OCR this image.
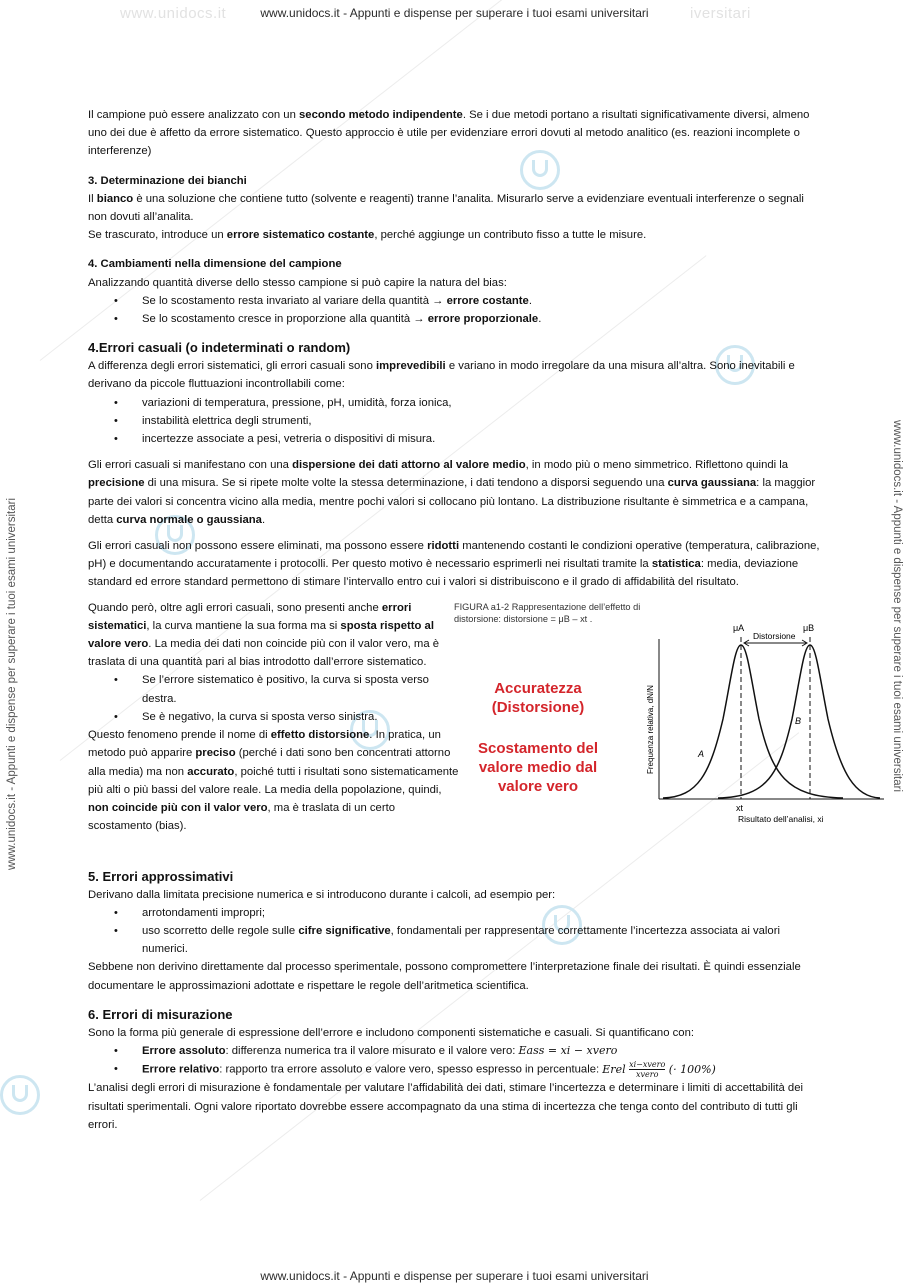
www.unidocs.it	iversitari
www.unidocs.it - Appunti e dispense per superare i tuoi esami universitari
www.unidocs.it - Appunti e dispense per superare i tuoi esami universitari
www.unidocs.it - Appunti e dispense per superare i tuoi esami universitari	www.unidocs.it - Appunti e dispense per superare i tuoi esami universitari

Il campione può essere analizzato con un secondo metodo indipendente. Se i due metodi portano a risultati significativamente diversi, almeno uno dei due è affetto da errore sistematico. Questo approccio è utile per evidenziare errori dovuti al metodo analitico (es. reazioni incomplete o interferenze)

3. Determinazione dei bianchi

Il bianco è una soluzione che contiene tutto (solvente e reagenti) tranne l’analita. Misurarlo serve a evidenziare eventuali interferenze o segnali non dovuti all’analita.

Se trascurato, introduce un errore sistematico costante, perché aggiunge un contributo fisso a tutte le misure.

4. Cambiamenti nella dimensione del campione

Analizzando quantità diverse dello stesso campione si può capire la natura del bias:

• Se lo scostamento resta invariato al variare della quantità → errore costante.
• Se lo scostamento cresce in proporzione alla quantità → errore proporzionale.

4.Errori casuali (o indeterminati o random)

A differenza degli errori sistematici, gli errori casuali sono imprevedibili e variano in modo irregolare da una misura all’altra. Sono inevitabili e derivano da piccole fluttuazioni incontrollabili come:

• variazioni di temperatura, pressione, pH, umidità, forza ionica,
• instabilità elettrica degli strumenti,
• incertezze associate a pesi, vetreria o dispositivi di misura.

Gli errori casuali si manifestano con una dispersione dei dati attorno al valore medio, in modo più o meno simmetrico. Riflettono quindi la precisione di una misura. Se si ripete molte volte la stessa determinazione, i dati tendono a disporsi seguendo una curva gaussiana: la maggior parte dei valori si concentra vicino alla media, mentre pochi valori si collocano più lontano. La distribuzione risultante è simmetrica e a campana, detta curva normale o gaussiana.

Gli errori casuali non possono essere eliminati, ma possono essere ridotti mantenendo costanti le condizioni operative (temperatura, calibrazione, pH) e documentando accuratamente i protocolli. Per questo motivo è necessario esprimerli nei risultati tramite la statistica: media, deviazione standard ed errore standard permettono di stimare l’intervallo entro cui i valori si distribuiscono e il grado di affidabilità del risultato.

Quando però, oltre agli errori casuali, sono presenti anche errori sistematici, la curva mantiene la sua forma ma si sposta rispetto al valore vero. La media dei dati non coincide più con il valor vero, ma è traslata di una quantità pari al bias introdotto dall’errore sistematico.

• Se l’errore sistematico è positivo, la curva si sposta verso destra.
• Se è negativo, la curva si sposta verso sinistra.

Questo fenomeno prende il nome di effetto distorsione. In pratica, un metodo può apparire preciso (perché i dati sono ben concentrati attorno alla media) ma non accurato, poiché tutti i risultati sono sistematicamente più alti o più bassi del valore reale. La media della popolazione, quindi, non coincide più con il valor vero, ma è traslata di un certo scostamento (bias).

FIGURA a1-2 Rappresentazione dell’effetto di distorsione: distorsione = μB – xt .
Accuratezza (Distorsione)
Scostamento del valore medio dal valore vero
μA	μB
Distorsione
A
B
xt
Risultato dell’analisi, xi
Frequenza relativa, dN/N

5. Errori approssimativi

Derivano dalla limitata precisione numerica e si introducono durante i calcoli, ad esempio per:

• arrotondamenti impropri;
• uso scorretto delle regole sulle cifre significative, fondamentali per rappresentare correttamente l’incertezza associata ai valori numerici.

Sebbene non derivino direttamente dal processo sperimentale, possono compromettere l’interpretazione finale dei risultati. È quindi essenziale documentare le approssimazioni adottate e rispettare le regole dell’aritmetica scientifica.

6. Errori di misurazione

Sono la forma più generale di espressione dell’errore e includono componenti sistematiche e casuali. Si quantificano con:

• Errore assoluto: differenza numerica tra il valore misurato e il valore vero: Eass = xi − xvero
• Errore relativo: rapporto tra errore assoluto e valore vero, spesso espresso in percentuale: Erel $\frac{\text{xi−xvero}}{\text{xvero}}$ (· 100%)

L’analisi degli errori di misurazione è fondamentale per valutare l’affidabilità dei dati, stimare l’incertezza e determinare i limiti di accettabilità dei risultati sperimentali. Ogni valore riportato dovrebbe essere accompagnato da una stima di incertezza che tenga conto del contributo di tutti gli errori.
